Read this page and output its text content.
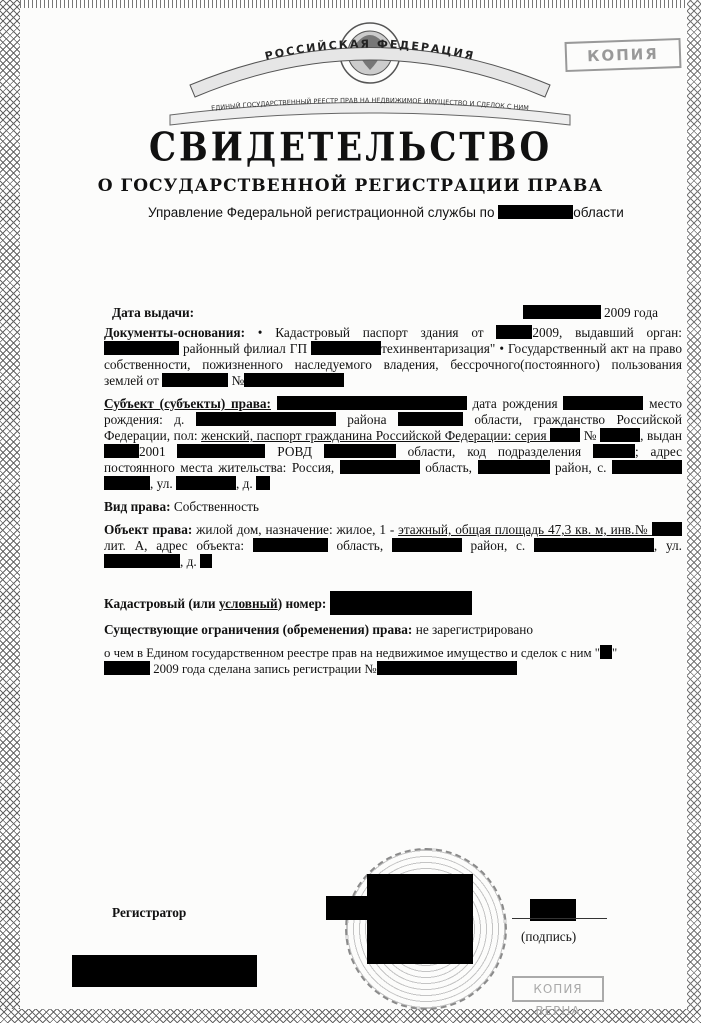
РОССИЙСКАЯ ФЕДЕРАЦИЯ
ЕДИНЫЙ ГОСУДАРСТВЕННЫЙ РЕЕСТР ПРАВ НА НЕДВИЖИМОЕ ИМУЩЕСТВО И СДЕЛОК С НИМ
КОПИЯ
СВИДЕТЕЛЬСТВО
О ГОСУДАРСТВЕННОЙ РЕГИСТРАЦИИ ПРАВА
Управление Федеральной регистрационной службы по	области
Дата выдачи:	2009 года

Документы-основания: • Кадастровый паспорт здания от	2009, выдавший орган:  районный филиал ГП	техинвентаризация" • Государственный акт на право собственности, пожизненного наследуемого владения, бессрочного(постоянного) пользования землей от	№

Субъект (субъекты) права:	дата рождения	место рождения: д.	района	области, гражданство Российской Федерации, пол: женский, паспорт гражданина Российской Федерации: серия  №	, выдан 2001	РОВД	области, код подразделения	; адрес постоянного места жительства: Россия,	область,	район, с.  , ул.	, д.

Вид права: Собственность

Объект права: жилой дом, назначение: жилое, 1 - этажный, общая площадь 47,3 кв. м, инв.№  лит. А, адрес объекта:	область,	район, с.	, ул. , д.

Кадастровый (или условный) номер:

Существующие ограничения (обременения) права: не зарегистрировано

о чем в Едином государственном реестре прав на недвижимое имущество и сделок с ним " "
2009 года сделана запись регистрации №

Регистратор
(подпись)
КОПИЯ ВЕРНА
